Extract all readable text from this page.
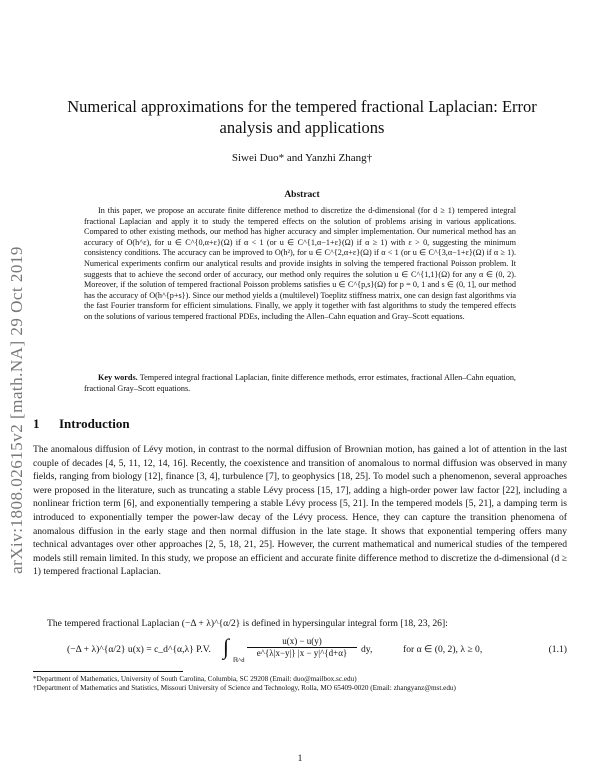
arXiv:1808.02615v2 [math.NA] 29 Oct 2019
Numerical approximations for the tempered fractional Laplacian: Error analysis and applications
Siwei Duo* and Yanzhi Zhang†
Abstract
In this paper, we propose an accurate finite difference method to discretize the d-dimensional (for d ≥ 1) tempered integral fractional Laplacian and apply it to study the tempered effects on the solution of problems arising in various applications. Compared to other existing methods, our method has higher accuracy and simpler implementation. Our numerical method has an accuracy of O(h^ε), for u ∈ C^{0,α+ε}(Ω) if α < 1 (or u ∈ C^{1,α−1+ε}(Ω) if α ≥ 1) with ε > 0, suggesting the minimum consistency conditions. The accuracy can be improved to O(h²), for u ∈ C^{2,α+ε}(Ω) if α < 1 (or u ∈ C^{3,α−1+ε}(Ω) if α ≥ 1). Numerical experiments confirm our analytical results and provide insights in solving the tempered fractional Poisson problem. It suggests that to achieve the second order of accuracy, our method only requires the solution u ∈ C^{1,1}(Ω) for any α ∈ (0, 2). Moreover, if the solution of tempered fractional Poisson problems satisfies u ∈ C^{p,s}(Ω) for p = 0, 1 and s ∈ (0, 1], our method has the accuracy of O(h^{p+s}). Since our method yields a (multilevel) Toeplitz stiffness matrix, one can design fast algorithms via the fast Fourier transform for efficient simulations. Finally, we apply it together with fast algorithms to study the tempered effects on the solutions of various tempered fractional PDEs, including the Allen–Cahn equation and Gray–Scott equations.
Key words. Tempered integral fractional Laplacian, finite difference methods, error estimates, fractional Allen–Cahn equation, fractional Gray–Scott equations.
1 Introduction
The anomalous diffusion of Lévy motion, in contrast to the normal diffusion of Brownian motion, has gained a lot of attention in the last couple of decades [4, 5, 11, 12, 14, 16]. Recently, the coexistence and transition of anomalous to normal diffusion was observed in many fields, ranging from biology [12], finance [3, 4], turbulence [7], to geophysics [18, 25]. To model such a phenomenon, several approaches were proposed in the literature, such as truncating a stable Lévy process [15, 17], adding a high-order power law factor [22], including a nonlinear friction term [6], and exponentially tempering a stable Lévy process [5, 21]. In the tempered models [5, 21], a damping term is introduced to exponentially temper the power-law decay of the Lévy process. Hence, they can capture the transition phenomena of anomalous diffusion in the early stage and then normal diffusion in the late stage. It shows that exponential tempering offers many technical advantages over other approaches [2, 5, 18, 21, 25]. However, the current mathematical and numerical studies of the tempered models still remain limited. In this study, we propose an efficient and accurate finite difference method to discretize the d-dimensional (d ≥ 1) tempered fractional Laplacian.
The tempered fractional Laplacian (−Δ + λ)^{α/2} is defined in hypersingular integral form [18, 23, 26]:
(−Δ + λ)^{α/2} u(x) = c_d^{α,λ} P.V. ∫
ℝ^d
$\frac{u(x) - u(y)}{e\^{}\{\lambda|x-y|\} |x - y|\^{}\{d+\alpha\}}$ dy,	for α ∈ (0, 2), λ ≥ 0,	(1.1)

*Department of Mathematics, University of South Carolina, Columbia, SC 29208 (Email: duo@mailbox.sc.edu)

†Department of Mathematics and Statistics, Missouri University of Science and Technology, Rolla, MO 65409-0020 (Email: zhangyanz@mst.edu)

1
